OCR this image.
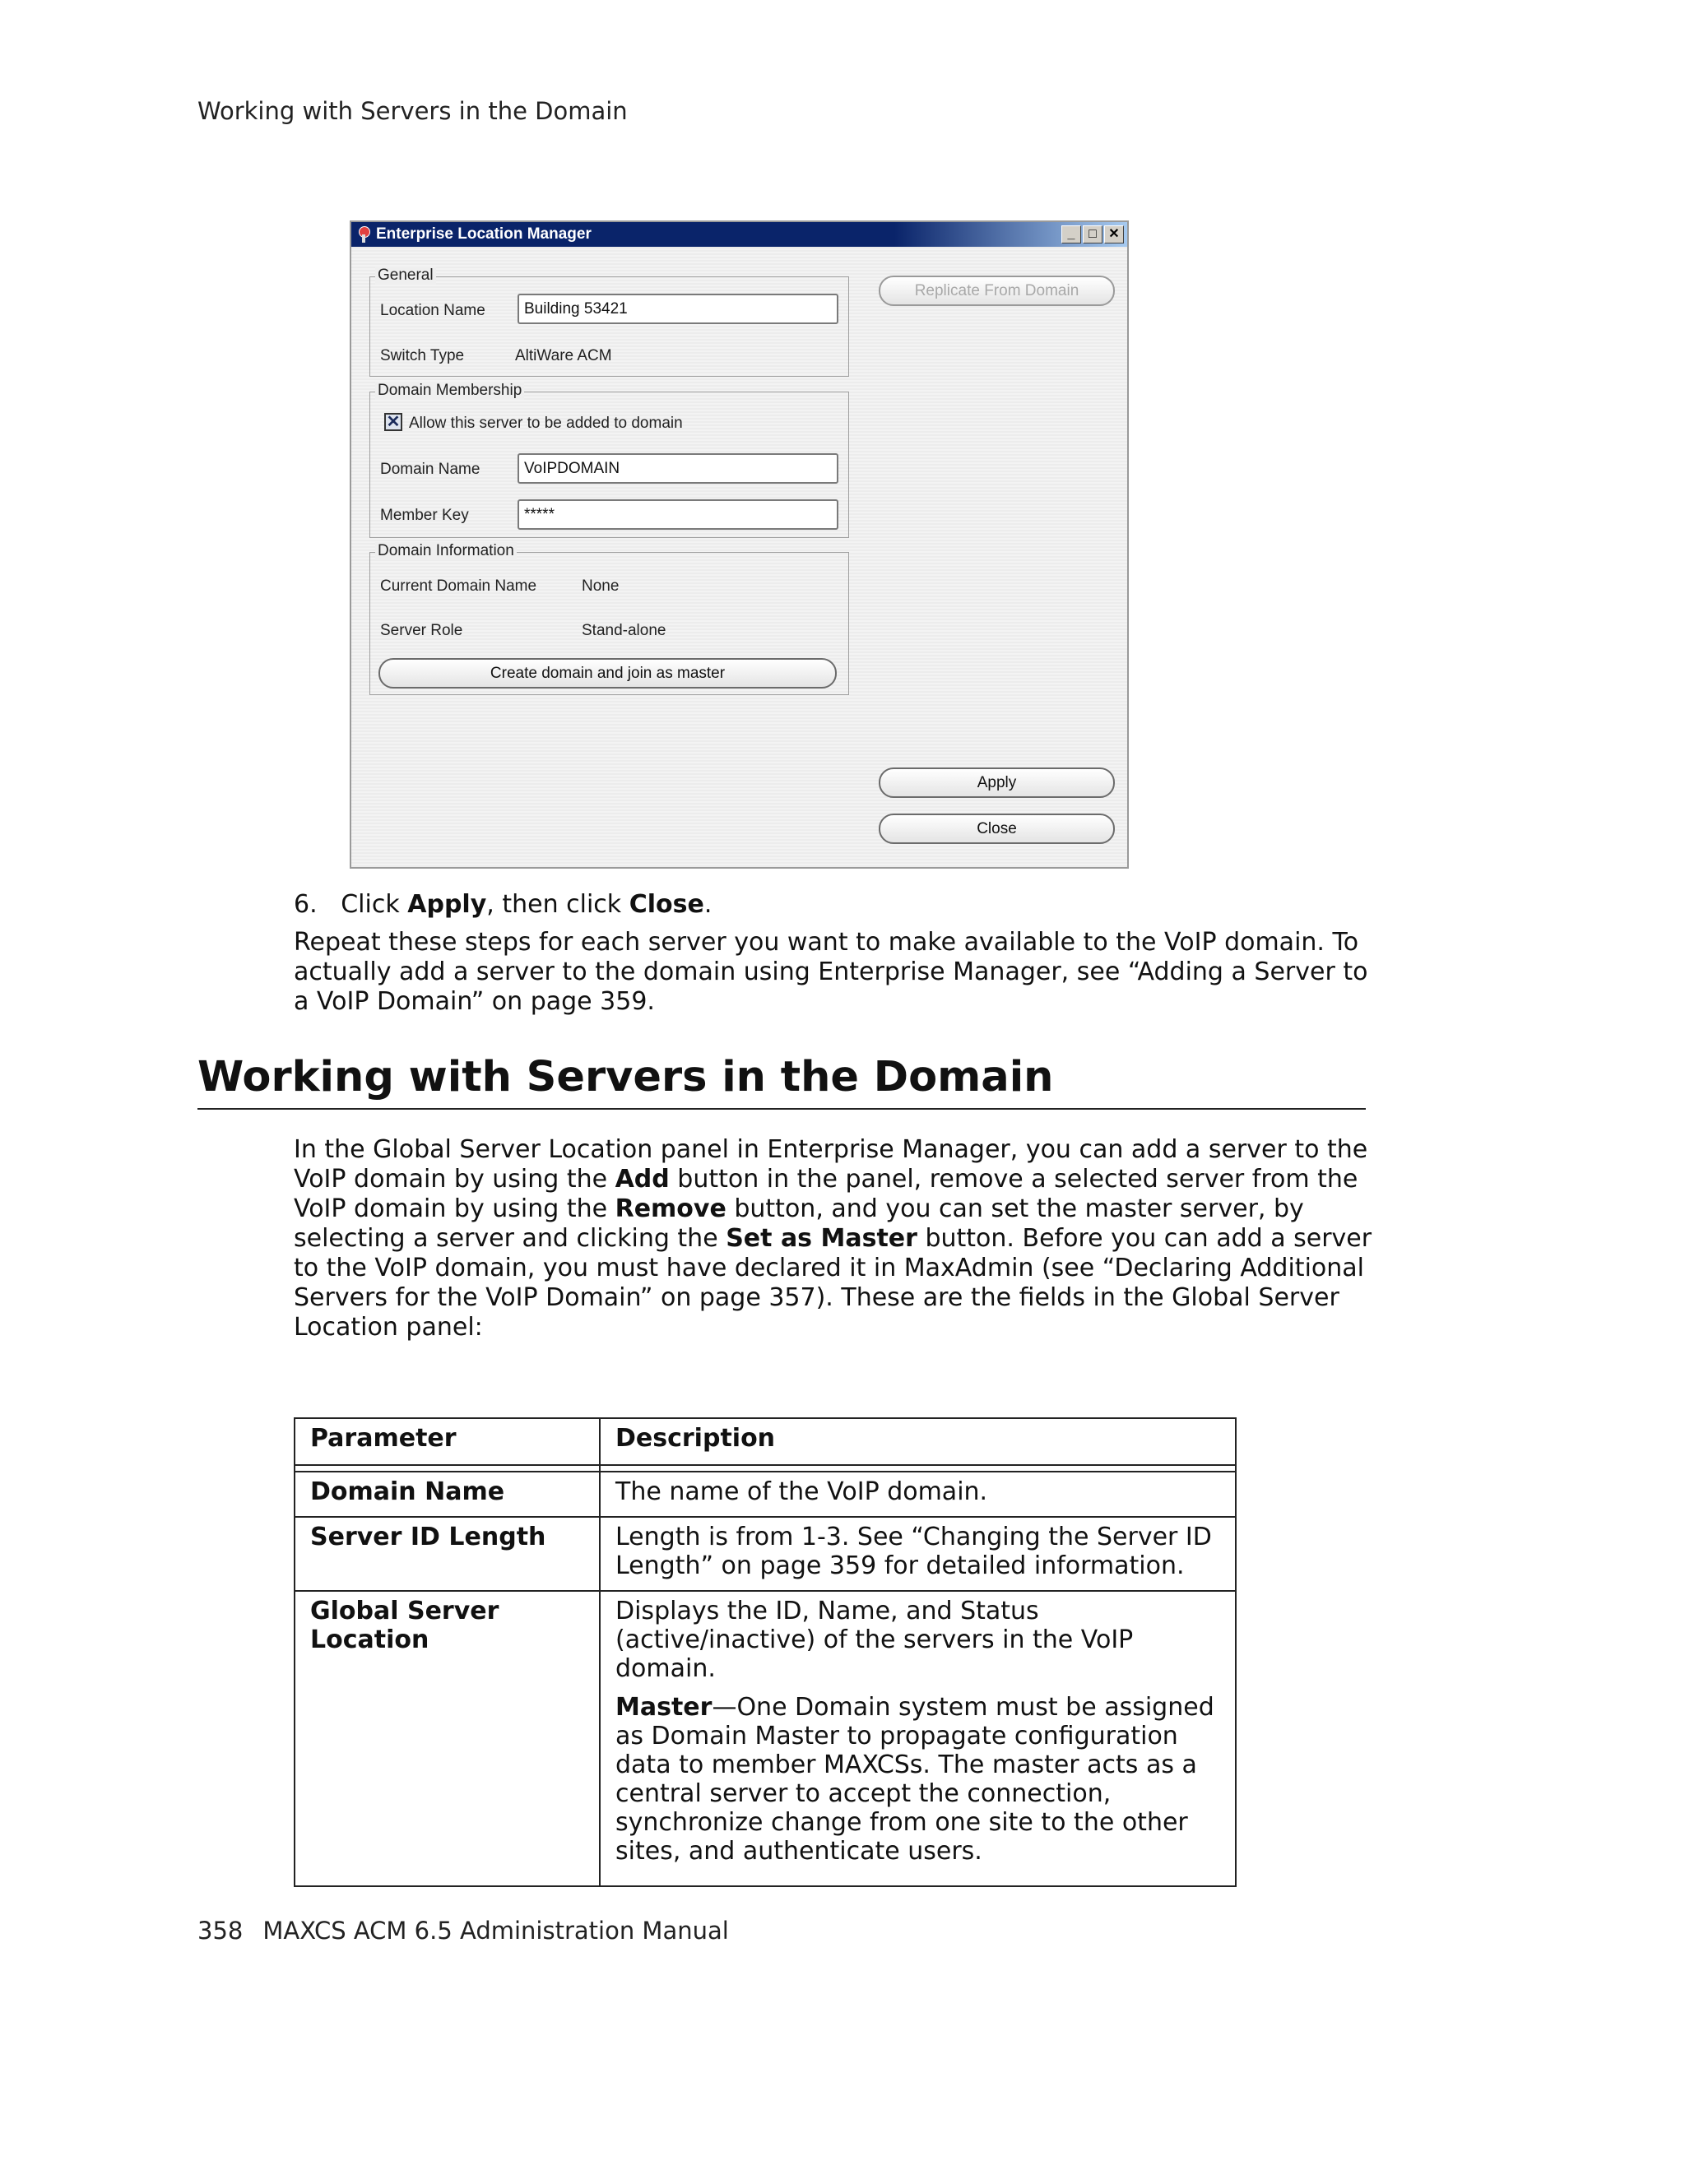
Working with Servers in the Domain
Enterprise Location Manager	_	□ ✕
General
Location Name	Building 53421
Switch Type	AltiWare ACM
Domain Membership
✕ Allow this server to be added to domain
Domain Name	VoIPDOMAIN
Member Key	*****
Domain Information
Current Domain Name	None
Server Role	Stand-alone
Create domain and join as master
Replicate From Domain
Apply
Close
6. Click Apply, then click Close.
Repeat these steps for each server you want to make available to the VoIP domain. To actually add a server to the domain using Enterprise Manager, see “Adding a Server to a VoIP Domain” on page 359.
Working with Servers in the Domain
In the Global Server Location panel in Enterprise Manager, you can add a server to the VoIP domain by using the Add button in the panel, remove a selected server from the VoIP domain by using the Remove button, and you can set the master server, by selecting a server and clicking the Set as Master button. Before you can add a server to the VoIP domain, you must have declared it in MaxAdmin (see “Declaring Additional Servers for the VoIP Domain” on page 357). These are the fields in the Global Server Location panel:
Parameter	Description

Domain Name	The name of the VoIP domain.
Server ID Length	Length is from 1-3. See “Changing the Server ID Length” on page 359 for detailed information.
Global Server Location	Displays the ID, Name, and Status (active/inactive) of the servers in the VoIP domain.

Master—One Domain system must be assigned as Domain Master to propagate configuration data to member MAXCSs. The master acts as a central server to accept the connection, synchronize change from one site to the other sites, and authenticate users.

358 MAXCS ACM 6.5 Administration Manual
